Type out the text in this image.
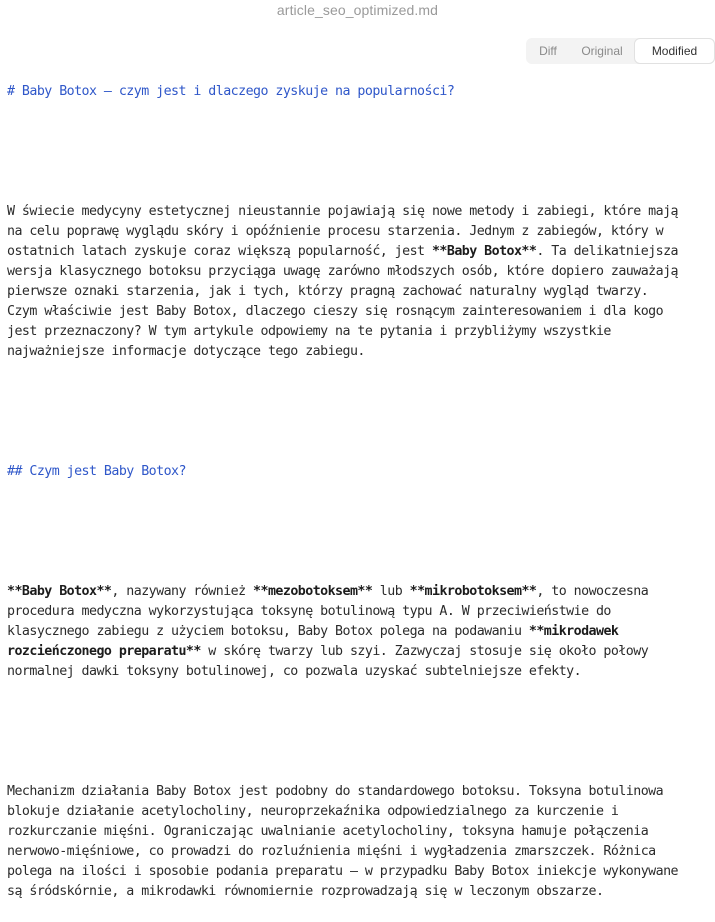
article_seo_optimized.md
Diff	Original	Modified

# Baby Botox – czym jest i dlaczego zyskuje na popularności?

W świecie medycyny estetycznej nieustannie pojawiają się nowe metody i zabiegi, które mają
na celu poprawę wyglądu skóry i opóźnienie procesu starzenia. Jednym z zabiegów, który w
ostatnich latach zyskuje coraz większą popularność, jest **Baby Botox**. Ta delikatniejsza
wersja klasycznego botoksu przyciąga uwagę zarówno młodszych osób, które dopiero zauważają
pierwsze oznaki starzenia, jak i tych, którzy pragną zachować naturalny wygląd twarzy.
Czym właściwie jest Baby Botox, dlaczego cieszy się rosnącym zainteresowaniem i dla kogo
jest przeznaczony? W tym artykule odpowiemy na te pytania i przybliżymy wszystkie
najważniejsze informacje dotyczące tego zabiegu.

## Czym jest Baby Botox?

**Baby Botox**, nazywany również **mezobotoksem** lub **mikrobotoksem**, to nowoczesna
procedura medyczna wykorzystująca toksynę botulinową typu A. W przeciwieństwie do
klasycznego zabiegu z użyciem botoksu, Baby Botox polega na podawaniu **mikrodawek
rozcieńczonego preparatu** w skórę twarzy lub szyi. Zazwyczaj stosuje się około połowy
normalnej dawki toksyny botulinowej, co pozwala uzyskać subtelniejsze efekty.

Mechanizm działania Baby Botox jest podobny do standardowego botoksu. Toksyna botulinowa
blokuje działanie acetylocholiny, neuroprzekaźnika odpowiedzialnego za kurczenie i
rozkurczanie mięśni. Ograniczając uwalnianie acetylocholiny, toksyna hamuje połączenia
nerwowo-mięśniowe, co prowadzi do rozluźnienia mięśni i wygładzenia zmarszczek. Różnica
polega na ilości i sposobie podania preparatu – w przypadku Baby Botox iniekcje wykonywane
są śródskórnie, a mikrodawki równomiernie rozprowadzają się w leczonym obszarze.
